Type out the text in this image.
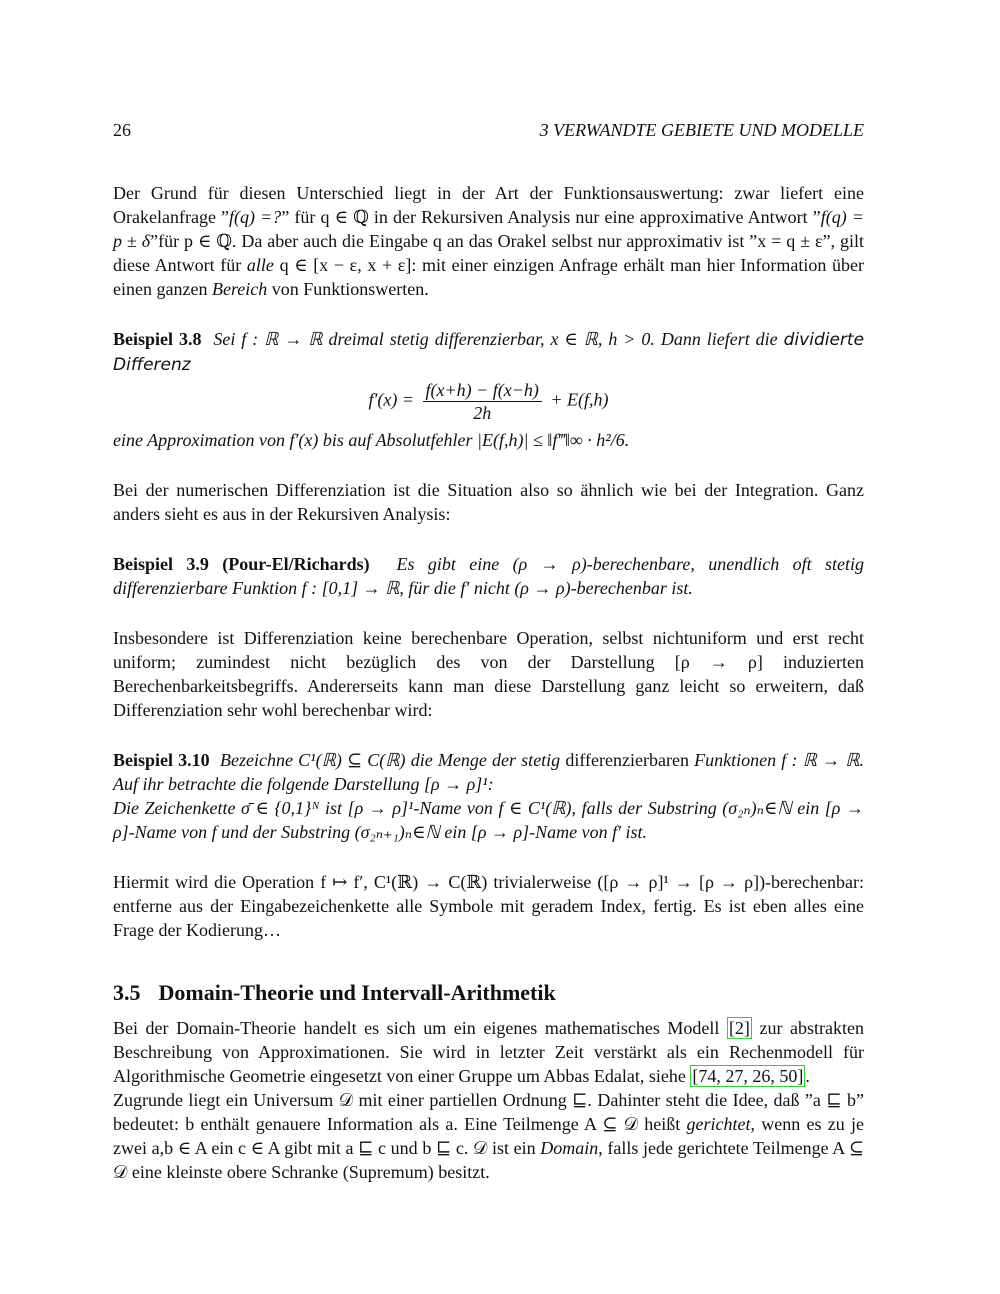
26	3 VERWANDTE GEBIETE UND MODELLE

Der Grund für diesen Unterschied liegt in der Art der Funktionsauswertung: zwar liefert eine Orakelanfrage ”f(q) =?” für q ∈ ℚ in der Rekursiven Analysis nur eine approximative Antwort ”f(q) = p ± δ”für p ∈ ℚ. Da aber auch die Eingabe q an das Orakel selbst nur approximativ ist ”x = q ± ε”, gilt diese Antwort für alle q ∈ [x − ε, x + ε]: mit einer einzigen Anfrage erhält man hier Information über einen ganzen Bereich von Funktionswerten.

Beispiel 3.8 Sei f : ℝ → ℝ dreimal stetig differenzierbar, x ∈ ℝ, h > 0. Dann liefert die dividierte Differenz
$f'(x) = \frac{f(x+h) - f(x-h)}{2h} + E(f,h)$
eine Approximation von f′(x) bis auf Absolutfehler |E(f,h)| ≤ ‖f‴‖∞ · h²/6.

Bei der numerischen Differenziation ist die Situation also so ähnlich wie bei der Integration. Ganz anders sieht es aus in der Rekursiven Analysis:

Beispiel 3.9 (Pour-El/Richards) Es gibt eine (ρ → ρ)-berechenbare, unendlich oft stetig differenzierbare Funktion f : [0,1] → ℝ, für die f′ nicht (ρ → ρ)-berechenbar ist.

Insbesondere ist Differenziation keine berechenbare Operation, selbst nichtuniform und erst recht uniform; zumindest nicht bezüglich des von der Darstellung [ρ → ρ] induzierten Berechenbarkeitsbegriffs. Andererseits kann man diese Darstellung ganz leicht so erweitern, daß Differenziation sehr wohl berechenbar wird:

Beispiel 3.10 Bezeichne C¹(ℝ) ⊆ C(ℝ) die Menge der stetig differenzierbaren Funktionen f : ℝ → ℝ. Auf ihr betrachte die folgende Darstellung [ρ → ρ]¹:
Die Zeichenkette σ̄ ∈ {0,1}ᴺ ist [ρ → ρ]¹-Name von f ∈ C¹(ℝ), falls der Substring (σ₂ₙ)ₙ∈ℕ ein [ρ → ρ]-Name von f und der Substring (σ₂ₙ₊₁)ₙ∈ℕ ein [ρ → ρ]-Name von f′ ist.

Hiermit wird die Operation f ↦ f′, C¹(ℝ) → C(ℝ) trivialerweise ([ρ → ρ]¹ → [ρ → ρ])-berechenbar: entferne aus der Eingabezeichenkette alle Symbole mit geradem Index, fertig. Es ist eben alles eine Frage der Kodierung…

3.5 Domain-Theorie und Intervall-Arithmetik

Bei der Domain-Theorie handelt es sich um ein eigenes mathematisches Modell [2] zur abstrakten Beschreibung von Approximationen. Sie wird in letzter Zeit verstärkt als ein Rechenmodell für Algorithmische Geometrie eingesetzt von einer Gruppe um Abbas Edalat, siehe [74, 27, 26, 50] .

Zugrunde liegt ein Universum 𝒟 mit einer partiellen Ordnung ⊑. Dahinter steht die Idee, daß ”a ⊑ b” bedeutet: b enthält genauere Information als a. Eine Teilmenge A ⊆ 𝒟 heißt gerichtet, wenn es zu je zwei a,b ∈ A ein c ∈ A gibt mit a ⊑ c und b ⊑ c. 𝒟 ist ein Domain, falls jede gerichtete Teilmenge A ⊆ 𝒟 eine kleinste obere Schranke (Supremum) besitzt.
